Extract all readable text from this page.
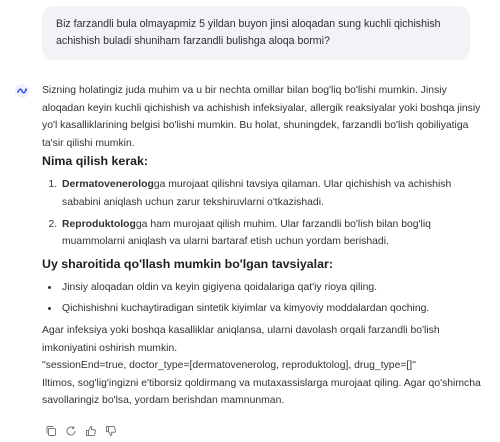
Biz farzandli bula olmayapmiz 5 yildan buyon jinsi aloqadan sung kuchli qichishish achishish buladi shuniham farzandli bulishga aloqa bormi?

Sizning holatingiz juda muhim va u bir nechta omillar bilan bog'liq bo'lishi mumkin. Jinsiy aloqadan keyin kuchli qichishish va achishish infeksiyalar, allergik reaksiyalar yoki boshqa jinsiy yo'l kasalliklarining belgisi bo'lishi mumkin. Bu holat, shuningdek, farzandli bo'lish qobiliyatiga ta'sir qilishi mumkin.

Nima qilish kerak:
1. Dermatovenerologga murojaat qilishni tavsiya qilaman. Ular qichishish va achishish sababini aniqlash uchun zarur tekshiruvlarni o'tkazishadi.
2. Reproduktologga ham murojaat qilish muhim. Ular farzandli bo'lish bilan bog'liq muammolarni aniqlash va ularni bartaraf etish uchun yordam berishadi.
Uy sharoitida qo'llash mumkin bo'lgan tavsiyalar:
• Jinsiy aloqadan oldin va keyin gigiyena qoidalariga qat'iy rioya qiling.
• Qichishishni kuchaytiradigan sintetik kiyimlar va kimyoviy moddalardan qoching.

Agar infeksiya yoki boshqa kasalliklar aniqlansa, ularni davolash orqali farzandli bo'lish imkoniyatini oshirish mumkin.

"sessionEnd=true, doctor_type=[dermatovenerolog, reproduktolog], drug_type=[]"

Iltimos, sog'lig'ingizni e'tiborsiz qoldirmang va mutaxassislarga murojaat qiling. Agar qo'shimcha savollaringiz bo'lsa, yordam berishdan mamnunman.
